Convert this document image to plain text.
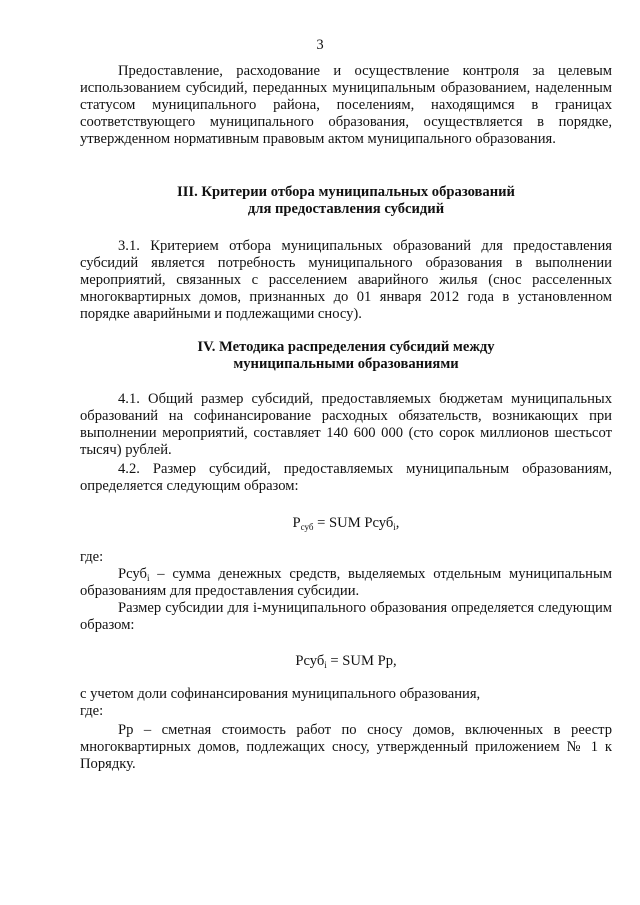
3

Предоставление, расходование и осуществление контроля за целевым использованием субсидий, переданных муниципальным образованием, наделенным статусом муниципального района, поселениям, находящимся в границах соответствующего муниципального образования, осуществляется в порядке, утвержденном нормативным правовым актом муниципального образования.

III. Критерии отбора муниципальных образований

для предоставления субсидий

3.1. Критерием отбора муниципальных образований для предоставления субсидий является потребность муниципального образования в выполнении мероприятий, связанных с расселением аварийного жилья (снос расселенных многоквартирных домов, признанных до 01 января 2012 года в установленном порядке аварийными и подлежащими сносу).

IV. Методика распределения субсидий между

муниципальными образованиями

4.1. Общий размер субсидий, предоставляемых бюджетам муниципальных образований на софинансирование расходных обязательств, возникающих при выполнении мероприятий, составляет 140 600 000 (сто сорок миллионов шестьсот тысяч) рублей.

4.2. Размер субсидий, предоставляемых муниципальным образованиям, определяется следующим образом:

$Р_{суб}$ = SUM Рсуб$_i$,

где:

Рсуб$_i$ – сумма денежных средств, выделяемых отдельным муниципальным образованиям для предоставления субсидии.

Размер субсидии для i-муниципального образования определяется следующим образом:

Рсуб$_i$ = SUM Рр,

с учетом доли софинансирования муниципального образования,

где:

Рр – сметная стоимость работ по сносу домов, включенных в реестр многоквартирных домов, подлежащих сносу, утвержденный приложением № 1 к Порядку.
